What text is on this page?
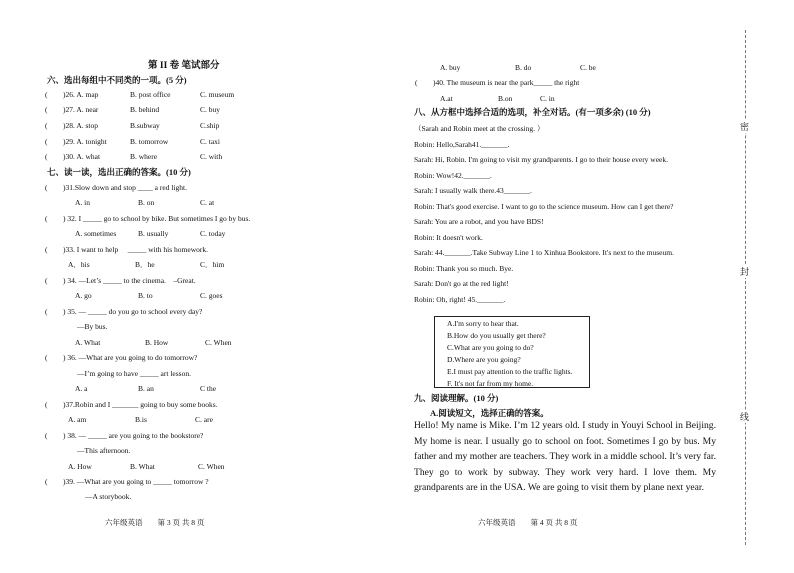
第 II 卷 笔试部分
六、选出每组中不同类的一项。(5 分)
( )26. A. map	B. post office	C. museum
( )27. A. near	B. behind	C. buy
( )28. A. stop	B.subway	C.ship
( )29. A. tonight	B. tomorrow	C. taxi
( )30. A. what	B. where	C. with
七、读一读，选出正确的答案。(10 分)
( )31.Slow down and stop ____ a red light.
A. in	B. on	C. at
( ) 32. I _____ go to school by bike. But sometimes I go by bus.
A. sometimes	B. usually	C. today
( )33. I want to help　 _____ with his homework.
A．his	B．he	C．him
( ) 34. —Let’s _____ to the cinema.　–Great.
A. go	B. to	C. goes
( ) 35. — _____ do you go to school every day?
—By bus.
A. What	B. How	C. When
( ) 36. —What are you going to do tomorrow?
—I’m going to have _____ art lesson.
A. a	B. an	C the
( )37.Robin and I _______ going to buy some books.
A. am	B.is	C. are
( ) 38. — _____ are you going to the bookstore?
—This afternoon.
A. How	B. What	C. When
( )39. —What are you going to _____ tomorrow ?
—A storybook.
六年级英语　　第 3 页 共 8 页
A. buy	B. do	C. be
( )40. The museum is near the park_____ the right
A.at	B.on	C. in
八、从方框中选择合适的选项，补全对话。(有一项多余) (10 分)
（Sarah and Robin meet at the crossing. ）
Robin: Hello,Sarah41._______.
Sarah: Hi, Robin. I'm going to visit my grandparents. I go to their house every week.
Robin: Wow!42._______.
Sarah: I usually walk there.43_______.
Robin: That's good exercise. I want to go to the science museum. How can I get there?
Sarah: You are a robot, and you have BDS!
Robin: It doesn't work.
Sarah: 44._______.Take Subway Line 1 to Xinhua Bookstore. It's next to the museum.
Robin: Thank you so much. Bye.
Sarah: Don't go at the red light!
Robin: Oh, right! 45._______.
A.I'm sorry to hear that.
B.How do you usually get there?
C.What are you going to do?
D.Where are you going?
E.I must pay attention to the traffic lights.
F. It's not far from my home.
九、阅读理解。(10 分)
A.阅读短文，选择正确的答案。
Hello! My name is Mike. I’m 12 years old. I study in Youyi School in Beijing. My home is near. I usually go to school on foot. Sometimes I go by bus. My father and my mother are teachers. They work in a middle school. It’s very far. They go to work by subway. They work very hard. I love them. My grandparents are in the USA. We are going to visit them by plane next year.
六年级英语　　第 4 页 共 8 页
密
封
线
